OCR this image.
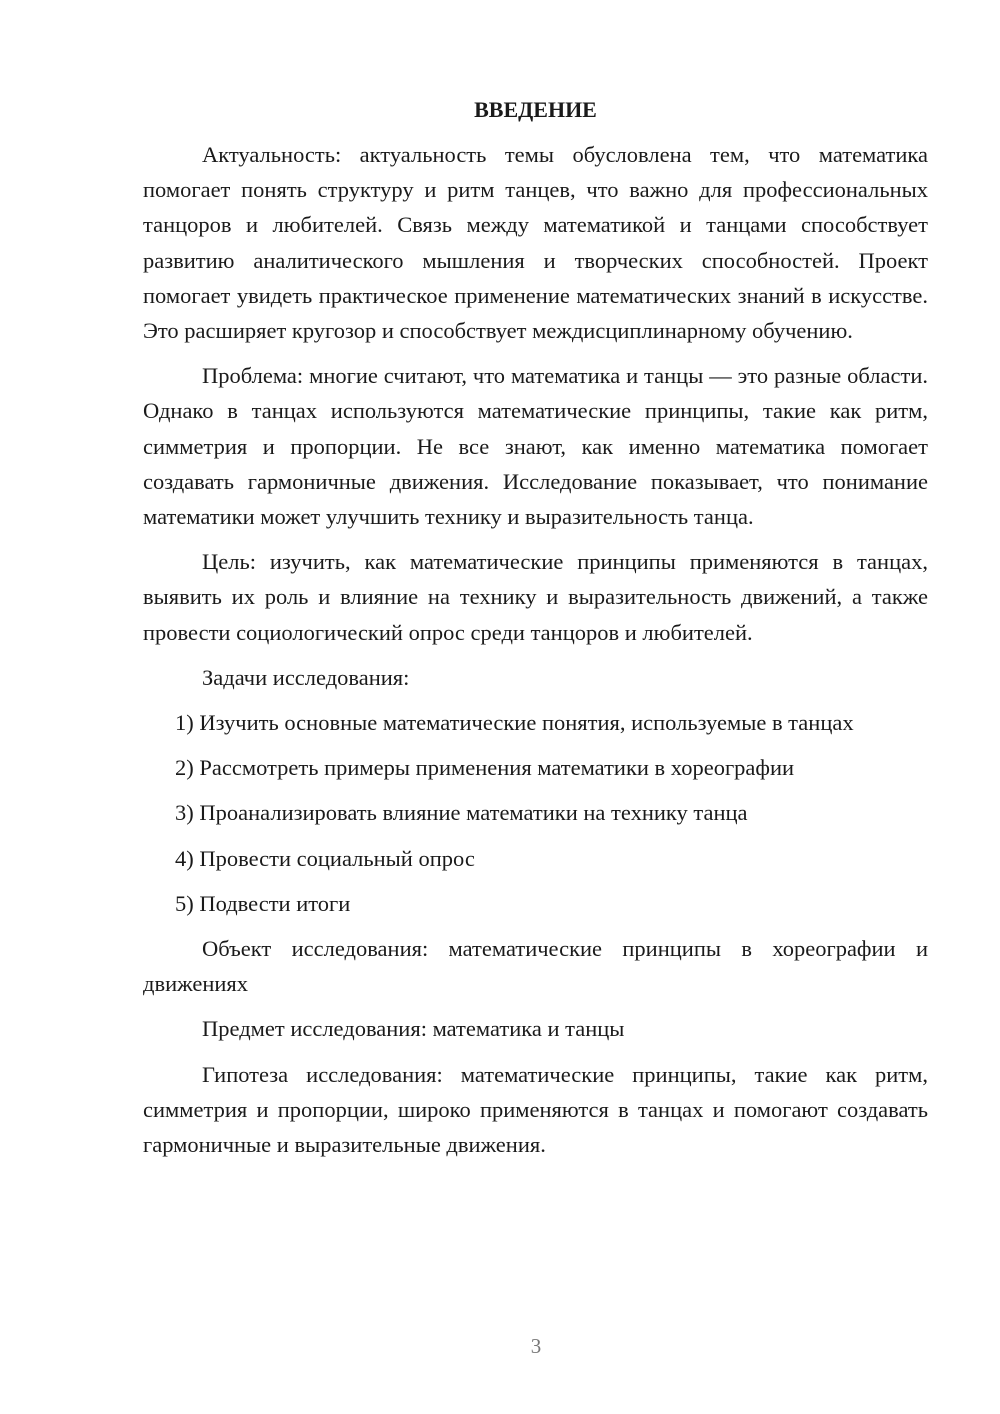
ВВЕДЕНИЕ

Актуальность: актуальность темы обусловлена тем, что математика помогает понять структуру и ритм танцев, что важно для профессиональных танцоров и любителей. Связь между математикой и танцами способствует развитию аналитического мышления и творческих способностей. Проект помогает увидеть практическое применение математических знаний в искусстве. Это расширяет кругозор и способствует междисциплинарному обучению.

Проблема: многие считают, что математика и танцы — это разные области. Однако в танцах используются математические принципы, такие как ритм, симметрия и пропорции. Не все знают, как именно математика помогает создавать гармоничные движения. Исследование показывает, что понимание математики может улучшить технику и выразительность танца.

Цель: изучить, как математические принципы применяются в танцах, выявить их роль и влияние на технику и выразительность движений, а также провести социологический опрос среди танцоров и любителей.

Задачи исследования:

1) Изучить основные математические понятия, используемые в танцах
2) Рассмотреть примеры применения математики в хореографии
3) Проанализировать влияние математики на технику танца
4) Провести социальный опрос
5) Подвести итоги

Объект исследования: математические принципы в хореографии и движениях

Предмет исследования: математика и танцы

Гипотеза исследования: математические принципы, такие как ритм, симметрия и пропорции, широко применяются в танцах и помогают создавать гармоничные и выразительные движения.

3
